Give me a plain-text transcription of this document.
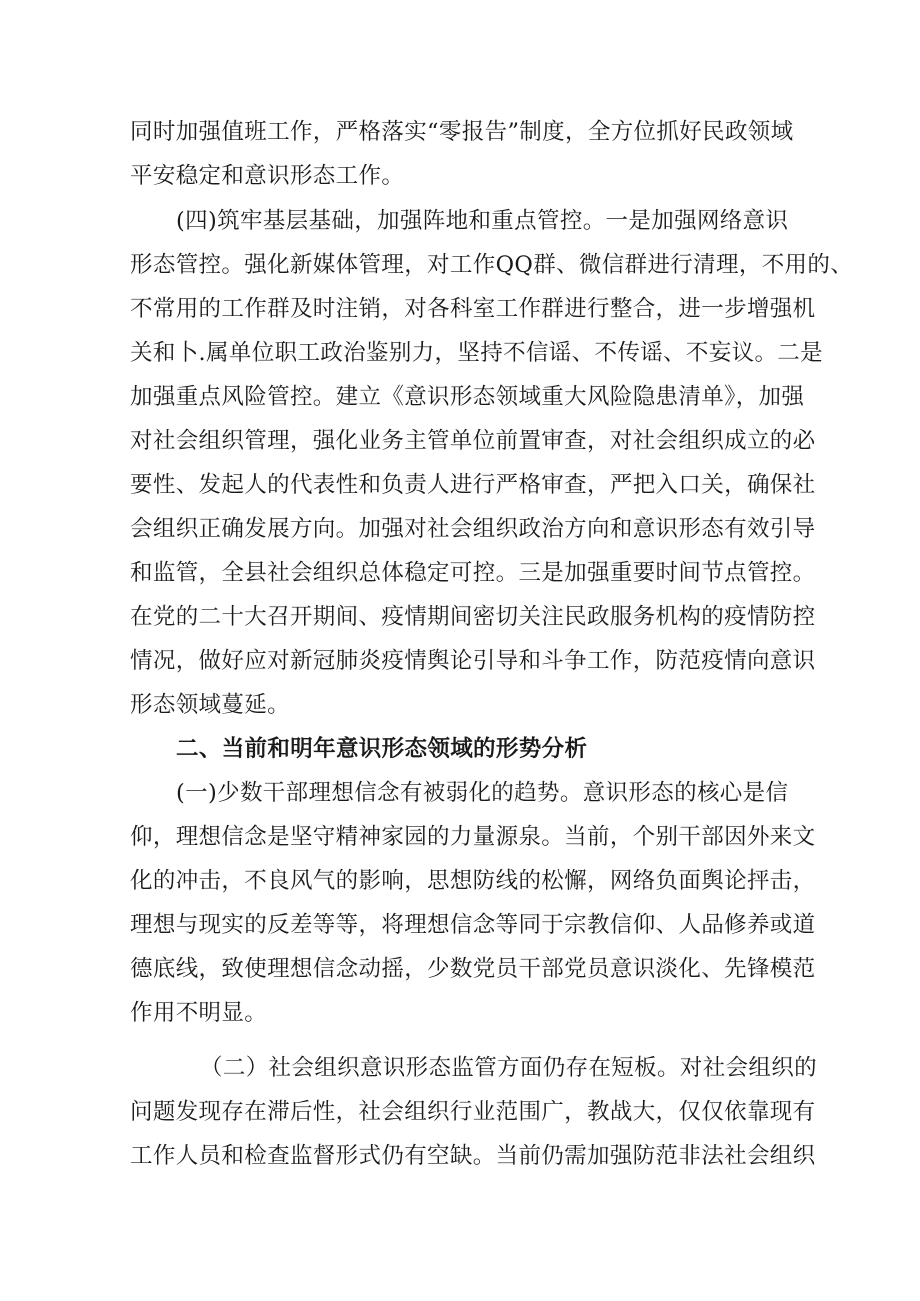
同时加强值班工作，严格落实“零报告”制度，全方位抓好民政领域
平安稳定和意识形态工作。
(四)筑牢基层基础，加强阵地和重点管控。一是加强网络意识
形态管控。强化新媒体管理，对工作QQ群、微信群进行清理，不用的、
不常用的工作群及时注销，对各科室工作群进行整合，进一步增强机
关和卜.属单位职工政治鉴别力，坚持不信谣、不传谣、不妄议。二是
加强重点风险管控。建立《意识形态领域重大风险隐患清单》，加强
对社会组织管理，强化业务主管单位前置审查，对社会组织成立的必
要性、发起人的代表性和负责人进行严格审查，严把入口关，确保社
会组织正确发展方向。加强对社会组织政治方向和意识形态有效引导
和监管，全县社会组织总体稳定可控。三是加强重要时间节点管控。
在党的二十大召开期间、疫情期间密切关注民政服务机构的疫情防控
情况，做好应对新冠肺炎疫情舆论引导和斗争工作，防范疫情向意识
形态领域蔓延。
二、当前和明年意识形态领域的形势分析
(一)少数干部理想信念有被弱化的趋势。意识形态的核心是信
仰，理想信念是坚守精神家园的力量源泉。当前，个别干部因外来文
化的冲击，不良风气的影响，思想防线的松懈，网络负面舆论抨击，
理想与现实的反差等等，将理想信念等同于宗教信仰、人品修养或道
德底线，致使理想信念动摇，少数党员干部党员意识淡化、先锋模范
作用不明显。
（二）社会组织意识形态监管方面仍存在短板。对社会组织的
问题发现存在滞后性，社会组织行业范围广，教战大，仅仅依靠现有
工作人员和检查监督形式仍有空缺。当前仍需加强防范非法社会组织
